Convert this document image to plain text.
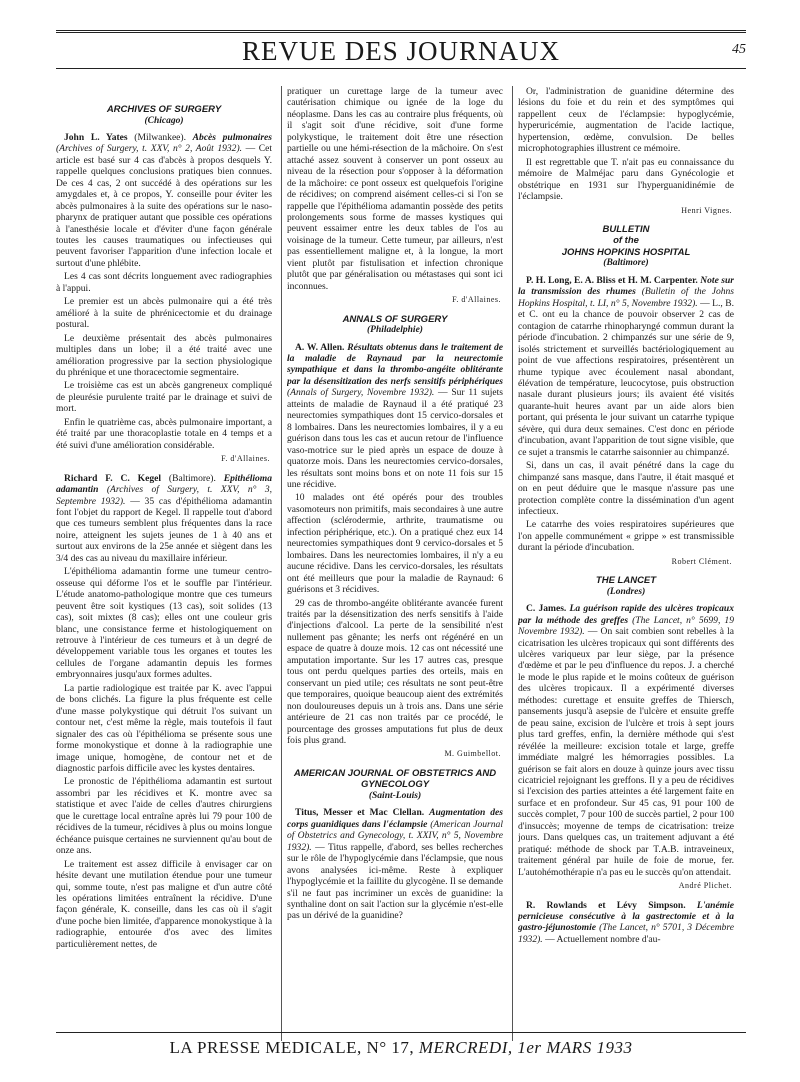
REVUE DES JOURNAUX	45
ARCHIVES OF SURGERY
(Chicago)

John L. Yates (Milwankee). Abcès pulmonaires (Archives of Surgery, t. XXV, n° 2, Août 1932). — Cet article est basé sur 4 cas d'abcès à propos desquels Y. rappelle quelques conclusions pratiques bien connues. De ces 4 cas, 2 ont succédé à des opérations sur les amygdales et, à ce propos, Y. conseille pour éviter les abcès pulmonaires à la suite des opérations sur le naso-pharynx de pratiquer autant que possible ces opérations à l'anesthésie locale et d'éviter d'une façon générale toutes les causes traumatiques ou infectieuses qui peuvent favoriser l'apparition d'une infection locale et surtout d'une phlébite.

Les 4 cas sont décrits longuement avec radiographies à l'appui.

Le premier est un abcès pulmonaire qui a été très amélioré à la suite de phrénicectomie et du drainage postural.

Le deuxième présentait des abcès pulmonaires multiples dans un lobe; il a été traité avec une amélioration progressive par la section physiologique du phrénique et une thoracectomie segmentaire.

Le troisième cas est un abcès gangreneux compliqué de pleurésie purulente traité par le drainage et suivi de mort.

Enfin le quatrième cas, abcès pulmonaire important, a été traité par une thoracoplastie totale en 4 temps et a été suivi d'une amélioration considérable.

F. d'Allaines.

Richard F. C. Kegel (Baltimore). Epithélioma adamantin (Archives of Surgery, t. XXV, n° 3, Septembre 1932). — 35 cas d'épithélioma adamantin font l'objet du rapport de Kegel. Il rappelle tout d'abord que ces tumeurs semblent plus fréquentes dans la race noire, atteignent les sujets jeunes de 1 à 40 ans et surtout aux environs de la 25e année et siègent dans les 3/4 des cas au niveau du maxillaire inférieur.

L'épithélioma adamantin forme une tumeur centro-osseuse qui déforme l'os et le souffle par l'intérieur. L'étude anatomo-pathologique montre que ces tumeurs peuvent être soit kystiques (13 cas), soit solides (13 cas), soit mixtes (8 cas); elles ont une couleur gris blanc, une consistance ferme et histologiquement on retrouve à l'intérieur de ces tumeurs et à un degré de développement variable tous les organes et toutes les cellules de l'organe adamantin depuis les formes embryonnaires jusqu'aux formes adultes.

La partie radiologique est traitée par K. avec l'appui de bons clichés. La figure la plus fréquente est celle d'une masse polykystique qui détruit l'os suivant un contour net, c'est même la règle, mais toutefois il faut signaler des cas où l'épithélioma se présente sous une forme monokystique et donne à la radiographie une image unique, homogène, de contour net et de diagnostic parfois difficile avec les kystes dentaires.

Le pronostic de l'épithélioma adamantin est surtout assombri par les récidives et K. montre avec sa statistique et avec l'aide de celles d'autres chirurgiens que le curettage local entraîne après lui 79 pour 100 de récidives de la tumeur, récidives à plus ou moins longue échéance puisque certaines ne surviennent qu'au bout de onze ans.

Le traitement est assez difficile à envisager car on hésite devant une mutilation étendue pour une tumeur qui, somme toute, n'est pas maligne et d'un autre côté les opérations limitées entraînent la récidive. D'une façon générale, K. conseille, dans les cas où il s'agit d'une poche bien limitée, d'apparence monokystique à la radiographie, entourée d'os avec des limites particulièrement nettes, de

pratiquer un curettage large de la tumeur avec cautérisation chimique ou ignée de la loge du néoplasme. Dans les cas au contraire plus fréquents, où il s'agit soit d'une récidive, soit d'une forme polykystique, le traitement doit être une résection partielle ou une hémi-résection de la mâchoire. On s'est attaché assez souvent à conserver un pont osseux au niveau de la résection pour s'opposer à la déformation de la mâchoire: ce pont osseux est quelquefois l'origine de récidives; on comprend aisément celles-ci si l'on se rappelle que l'épithélioma adamantin possède des petits prolongements sous forme de masses kystiques qui peuvent essaimer entre les deux tables de l'os au voisinage de la tumeur. Cette tumeur, par ailleurs, n'est pas essentiellement maligne et, à la longue, la mort vient plutôt par fistulisation et infection chronique plutôt que par généralisation ou métastases qui sont ici inconnues.

F. d'Allaines.

ANNALS OF SURGERY
(Philadelphie)

A. W. Allen. Résultats obtenus dans le traitement de la maladie de Raynaud par la neurectomie sympathique et dans la thrombo-angéite oblitérante par la désensitization des nerfs sensitifs périphériques (Annals of Surgery, Novembre 1932). — Sur 11 sujets atteints de maladie de Raynaud il a été pratiqué 23 neurectomies sympathiques dont 15 cervico-dorsales et 8 lombaires. Dans les neurectomies lombaires, il y a eu guérison dans tous les cas et aucun retour de l'influence vaso-motrice sur le pied après un espace de douze à quatorze mois. Dans les neurectomies cervico-dorsales, les résultats sont moins bons et on note 11 fois sur 15 une récidive.

10 malades ont été opérés pour des troubles vasomoteurs non primitifs, mais secondaires à une autre affection (sclérodermie, arthrite, traumatisme ou infection périphérique, etc.). On a pratiqué chez eux 14 neurectomies sympathiques dont 9 cervico-dorsales et 5 lombaires. Dans les neurectomies lombaires, il n'y a eu aucune récidive. Dans les cervico-dorsales, les résultats ont été meilleurs que pour la maladie de Raynaud: 6 guérisons et 3 récidives.

29 cas de thrombo-angéite oblitérante avancée furent traités par la désensitization des nerfs sensitifs à l'aide d'injections d'alcool. La perte de la sensibilité n'est nullement pas gênante; les nerfs ont régénéré en un espace de quatre à douze mois. 12 cas ont nécessité une amputation importante. Sur les 17 autres cas, presque tous ont perdu quelques parties des orteils, mais en conservant un pied utile; ces résultats ne sont peut-être que temporaires, quoique beaucoup aient des extrémités non douloureuses depuis un à trois ans. Dans une série antérieure de 21 cas non traités par ce procédé, le pourcentage des grosses amputations fut plus de deux fois plus grand.

M. Guimbellot.

AMERICAN JOURNAL OF OBSTETRICS AND GYNECOLOGY
(Saint-Louis)

Titus, Messer et Mac Clellan. Augmentation des corps guanidiques dans l'éclampsie (American Journal of Obstetrics and Gynecology, t. XXIV, n° 5, Novembre 1932). — Titus rappelle, d'abord, ses belles recherches sur le rôle de l'hypoglycémie dans l'éclampsie, que nous avons analysées ici-même. Reste à expliquer l'hypoglycémie et la faillite du glycogène. Il se demande s'il ne faut pas incriminer un excès de guanidine: la synthaline dont on sait l'action sur la glycémie n'est-elle pas un dérivé de la guanidine?

Or, l'administration de guanidine détermine des lésions du foie et du rein et des symptômes qui rappellent ceux de l'éclampsie: hypoglycémie, hyperuricémie, augmentation de l'acide lactique, hypertension, œdème, convulsion. De belles microphotographies illustrent ce mémoire.

Il est regrettable que T. n'ait pas eu connaissance du mémoire de Malméjac paru dans Gynécologie et obstétrique en 1931 sur l'hyperguanidinémie de l'éclampsie.

Henri Vignes.

BULLETIN
of the
JOHNS HOPKINS HOSPITAL
(Baltimore)

P. H. Long, E. A. Bliss et H. M. Carpenter. Note sur la transmission des rhumes (Bulletin of the Johns Hopkins Hospital, t. LI, n° 5, Novembre 1932). — L., B. et C. ont eu la chance de pouvoir observer 2 cas de contagion de catarrhe rhinopharyngé commun durant la période d'incubation. 2 chimpanzés sur une série de 9, isolés strictement et surveillés bactériologiquement au point de vue affections respiratoires, présentèrent un rhume typique avec écoulement nasal abondant, élévation de température, leucocytose, puis obstruction nasale durant plusieurs jours; ils avaient été visités quarante-huit heures avant par un aide alors bien portant, qui présenta le jour suivant un catarrhe typique sévère, qui dura deux semaines. C'est donc en période d'incubation, avant l'apparition de tout signe visible, que ce sujet a transmis le catarrhe saisonnier au chimpanzé.

Si, dans un cas, il avait pénétré dans la cage du chimpanzé sans masque, dans l'autre, il était masqué et on en peut déduire que le masque n'assure pas une protection complète contre la dissémination d'un agent infectieux.

Le catarrhe des voies respiratoires supérieures que l'on appelle communément « grippe » est transmissible durant la période d'incubation.

Robert Clément.

THE LANCET
(Londres)

C. James. La guérison rapide des ulcères tropicaux par la méthode des greffes (The Lancet, n° 5699, 19 Novembre 1932). — On sait combien sont rebelles à la cicatrisation les ulcères tropicaux qui sont différents des ulcères variqueux par leur siège, par la présence d'œdème et par le peu d'influence du repos. J. a cherché le mode le plus rapide et le moins coûteux de guérison des ulcères tropicaux. Il a expérimenté diverses méthodes: curettage et ensuite greffes de Thiersch, pansements jusqu'à asepsie de l'ulcère et ensuite greffe de peau saine, excision de l'ulcère et trois à sept jours plus tard greffes, enfin, la dernière méthode qui s'est révélée la meilleure: excision totale et large, greffe immédiate malgré les hémorragies possibles. La guérison se fait alors en douze à quinze jours avec tissu cicatriciel rejoignant les greffons. Il y a peu de récidives si l'excision des parties atteintes a été largement faite en surface et en profondeur. Sur 45 cas, 91 pour 100 de succès complet, 7 pour 100 de succès partiel, 2 pour 100 d'insuccès; moyenne de temps de cicatrisation: treize jours. Dans quelques cas, un traitement adjuvant a été pratiqué: méthode de shock par T.A.B. intraveineux, traitement général par huile de foie de morue, fer. L'autohémothérapie n'a pas eu le succès qu'on attendait.

André Plichet.

R. Rowlands et Lévy Simpson. L'anémie pernicieuse consécutive à la gastrectomie et à la gastro-jéjunostomie (The Lancet, n° 5701, 3 Décembre 1932). — Actuellement nombre d'au-

LA PRESSE MEDICALE, N° 17, MERCREDI, 1er MARS 1933
